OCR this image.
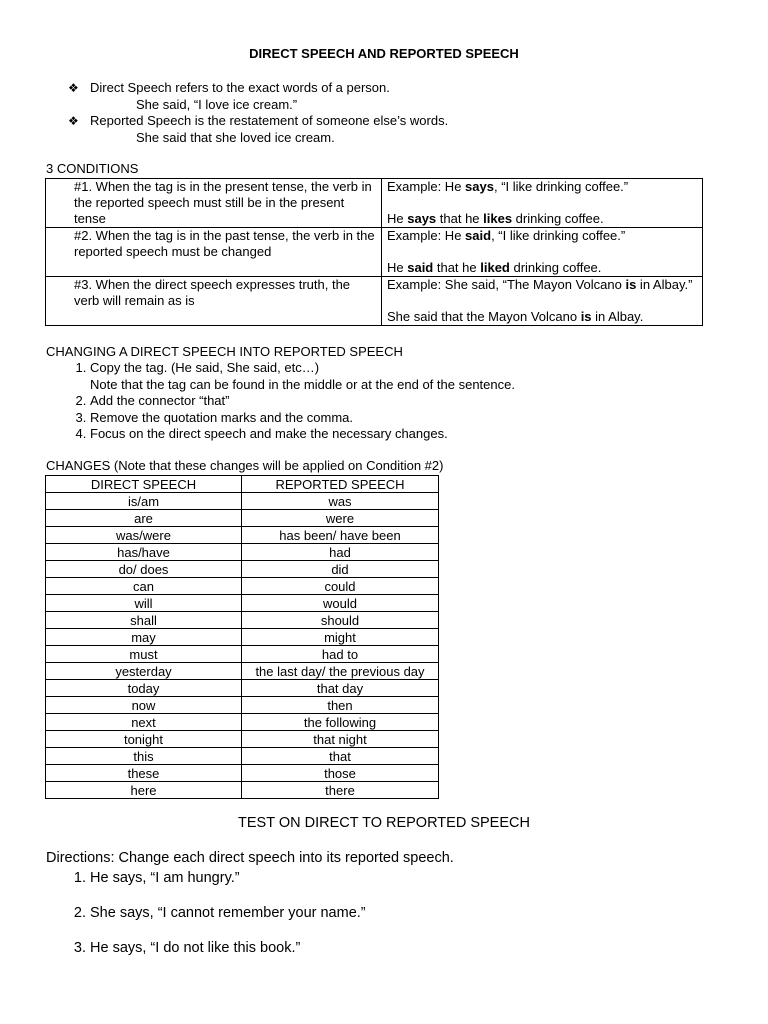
DIRECT SPEECH AND REPORTED SPEECH
❖ Direct Speech refers to the exact words of a person.
She said, “I love ice cream.”
❖ Reported Speech is the restatement of someone else’s words.
She said that she loved ice cream.
3 CONDITIONS
#1. When the tag is in the present tense, the verb in the reported speech must still be in the present tense	Example: He says, “I like drinking coffee.”
He says that he likes drinking coffee.

#2. When the tag is in the past tense, the verb in the reported speech must be changed	Example: He said, “I like drinking coffee.”
He said that he liked drinking coffee.

#3. When the direct speech expresses truth, the verb will remain as is	Example: She said, “The Mayon Volcano is in Albay.”
She said that the Mayon Volcano is in Albay.
CHANGING A DIRECT SPEECH INTO REPORTED SPEECH
1. Copy the tag. (He said, She said, etc…)
Note that the tag can be found in the middle or at the end of the sentence.
2. Add the connector “that”
3. Remove the quotation marks and the comma.
4. Focus on the direct speech and make the necessary changes.
CHANGES (Note that these changes will be applied on Condition #2)
DIRECT SPEECH	REPORTED SPEECH
is/am	was
are	were
was/were	has been/ have been
has/have	had
do/ does	did
can	could
will	would
shall	should
may	might
must	had to
yesterday	the last day/ the previous day
today	that day
now	then
next	the following
tonight	that night
this	that
these	those
here	there
TEST ON DIRECT TO REPORTED SPEECH
Directions: Change each direct speech into its reported speech.
1. He says, “I am hungry.”
2. She says, “I cannot remember your name.”
3. He says, “I do not like this book.”
